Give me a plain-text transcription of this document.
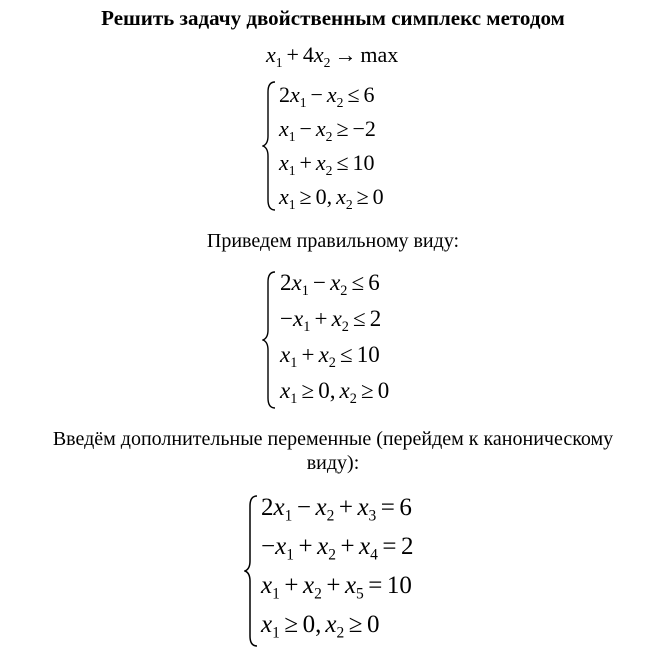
Решить задачу двойственным симплекс методом
$x_1 + 4x_2 \to \max$
$2x_1 - x_2 \le 6$
$x_1 - x_2 \ge -2$
$x_1 + x_2 \le 10$
$x_1 \ge 0$, $x_2 \ge 0$
Приведем правильному виду:
$2x_1 - x_2 \le 6$
$-x_1 + x_2 \le 2$
$x_1 + x_2 \le 10$
$x_1 \ge 0$, $x_2 \ge 0$
Введём дополнительные переменные (перейдем к каноническому
виду):
$2x_1 - x_2 + x_3 = 6$
$-x_1 + x_2 + x_4 = 2$
$x_1 + x_2 + x_5 = 10$
$x_1 \ge 0$, $x_2 \ge 0$
